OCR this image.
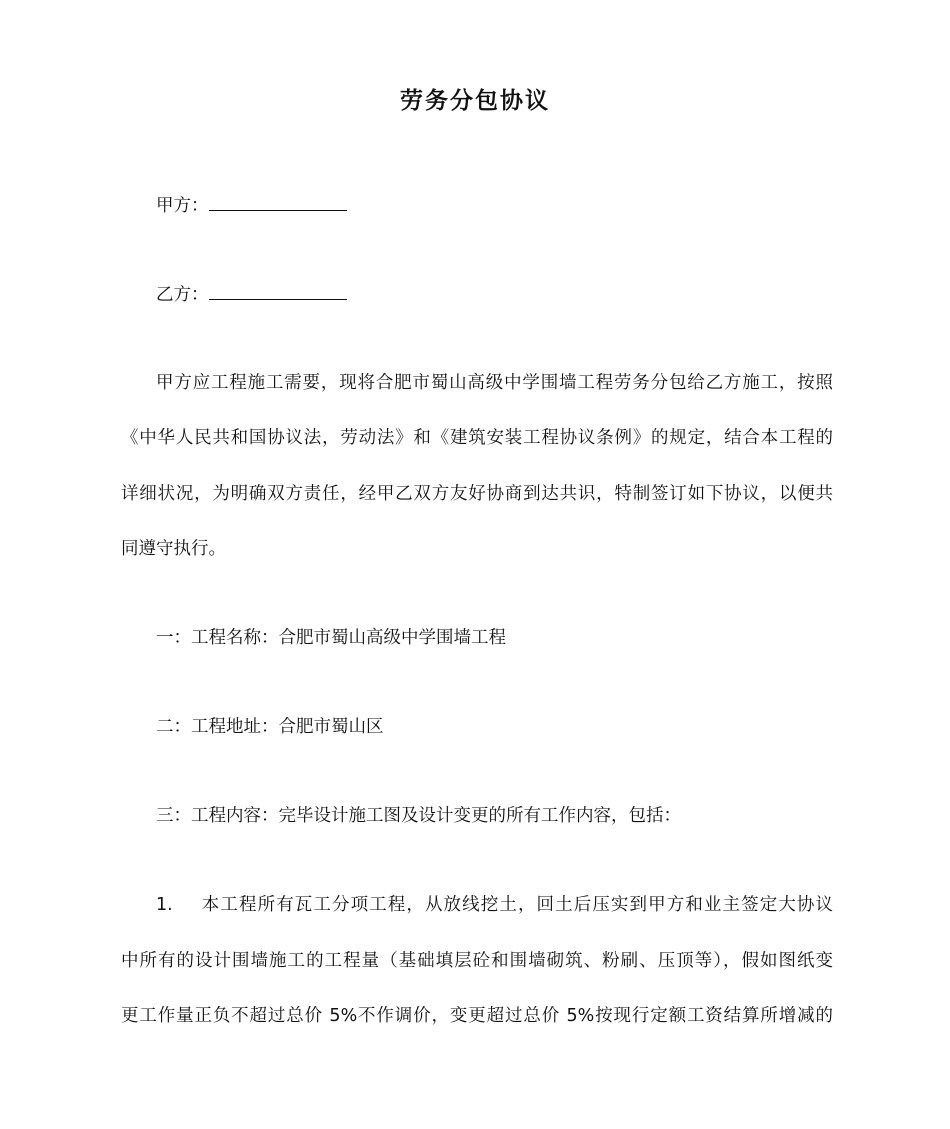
劳务分包协议

甲方：

乙方：

甲方应工程施工需要，现将合肥市蜀山高级中学围墙工程劳务分包给乙方施工，按照

《中华人民共和国协议法，劳动法》和《建筑安装工程协议条例》的规定，结合本工程的

详细状况，为明确双方责任，经甲乙双方友好协商到达共识，特制签订如下协议，以便共

同遵守执行。

一：工程名称：合肥市蜀山高级中学围墙工程

二：工程地址：合肥市蜀山区

三：工程内容：完毕设计施工图及设计变更的所有工作内容，包括：

1. 本工程所有瓦工分项工程，从放线挖土，回土后压实到甲方和业主签定大协议

中所有的设计围墙施工的工程量（基础填层砼和围墙砌筑、粉刷、压顶等），假如图纸变

更工作量正负不超过总价 5%不作调价，变更超过总价 5%按现行定额工资结算所增减的
